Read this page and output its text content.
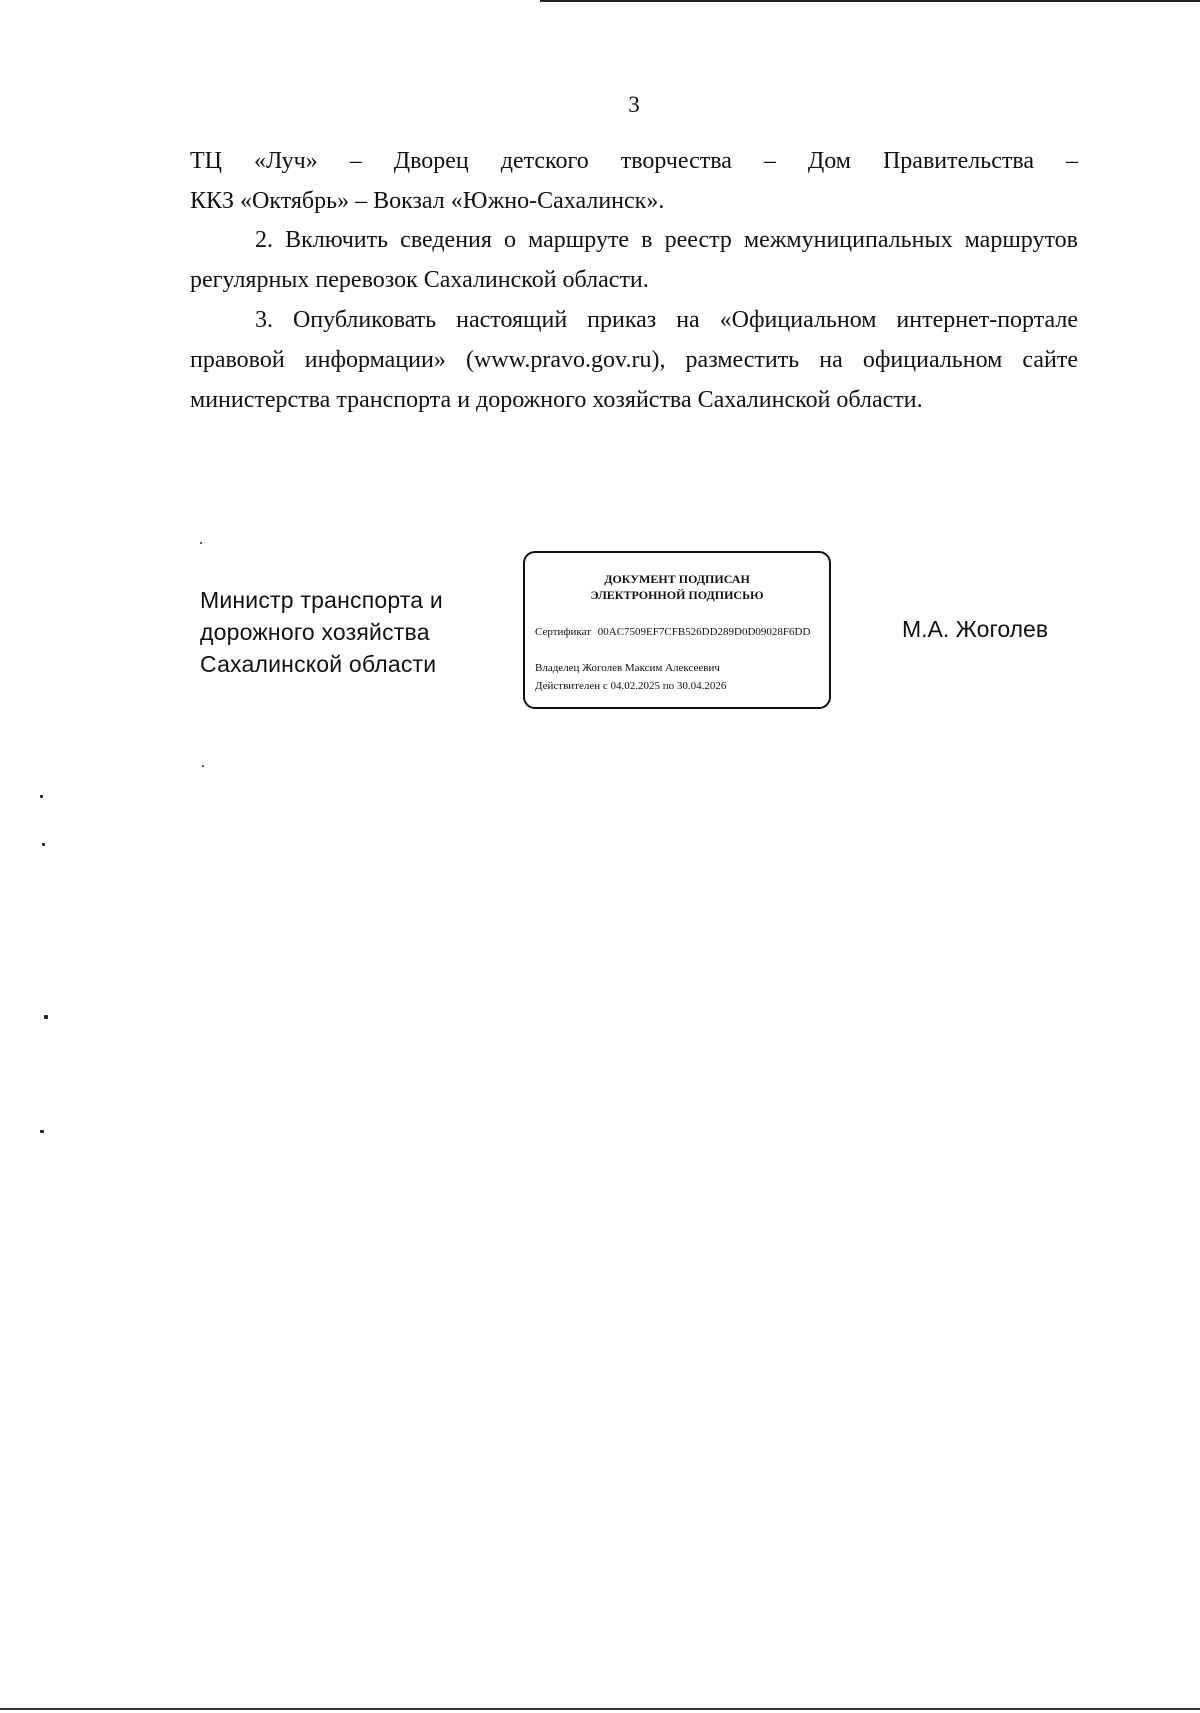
3
ТЦ «Луч» – Дворец детского творчества – Дом Правительства –
ККЗ «Октябрь» – Вокзал «Южно-Сахалинск».
2. Включить сведения о маршруте в реестр межмуниципальных маршрутов регулярных перевозок Сахалинской области.
3. Опубликовать настоящий приказ на «Официальном интернет-портале правовой информации» (www.pravo.gov.ru), разместить на официальном сайте министерства транспорта и дорожного хозяйства Сахалинской области.
Министр транспорта и
дорожного хозяйства
Сахалинской области
ДОКУМЕНТ ПОДПИСАН
ЭЛЕКТРОННОЙ ПОДПИСЬЮ
Сертификат 00AC7509EF7CFB526DD289D0D09028F6DD
Владелец Жоголев Максим Алексеевич
Действителен с 04.02.2025 по 30.04.2026
М.А. Жоголев
